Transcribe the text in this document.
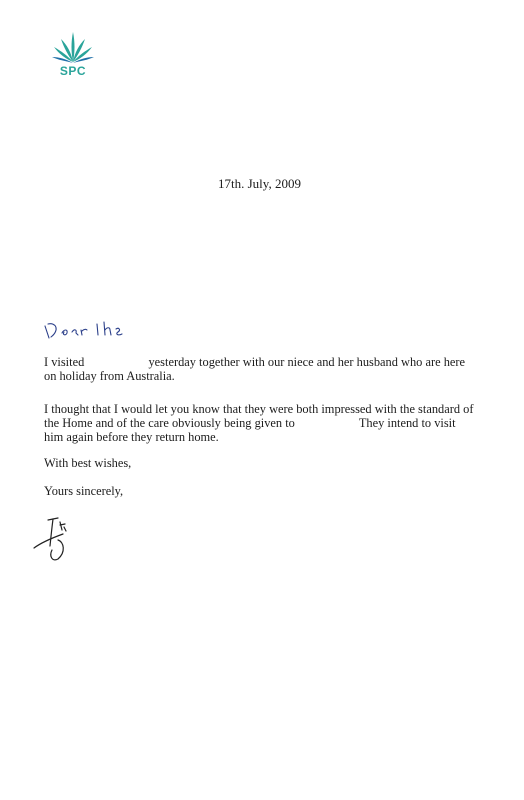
SPC
17th. July, 2009
I visited	yesterday together with our niece and her husband who are here on holiday from Australia.
I thought that I would let you know that they were both impressed with the standard of the Home and of the care obviously being given to	They intend to visit him again before they return home.
With best wishes,
Yours sincerely,
